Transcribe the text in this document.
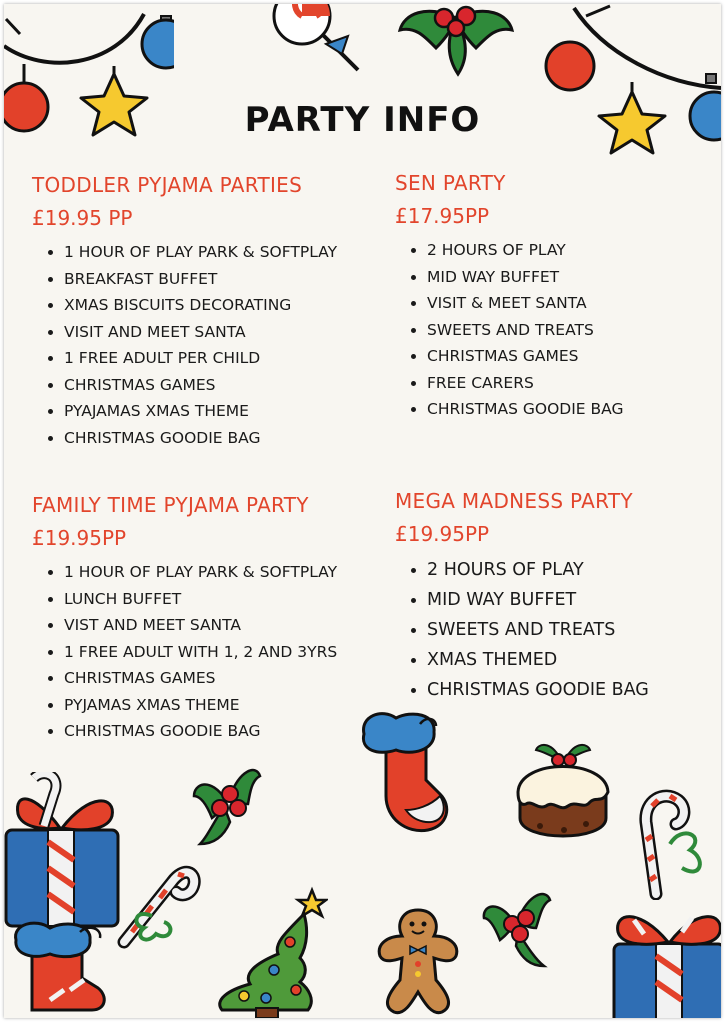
PARTY INFO
TODDLER PYJAMA PARTIES
£19.95 PP
1 HOUR OF PLAY PARK & SOFTPLAY
BREAKFAST BUFFET
XMAS BISCUITS DECORATING
VISIT AND MEET SANTA
1 FREE ADULT PER CHILD
CHRISTMAS GAMES
PYAJAMAS XMAS THEME
CHRISTMAS GOODIE BAG
SEN PARTY
£17.95PP
2 HOURS OF PLAY
MID WAY BUFFET
VISIT & MEET SANTA
SWEETS AND TREATS
CHRISTMAS GAMES
FREE CARERS
CHRISTMAS GOODIE BAG
FAMILY TIME PYJAMA PARTY
£19.95PP
1 HOUR OF PLAY PARK & SOFTPLAY
LUNCH BUFFET
VIST AND MEET SANTA
1 FREE ADULT WITH 1, 2 AND 3YRS
CHRISTMAS GAMES
PYJAMAS XMAS THEME
CHRISTMAS GOODIE BAG
MEGA MADNESS PARTY
£19.95PP
2 HOURS OF PLAY
MID WAY BUFFET
SWEETS AND TREATS
XMAS THEMED
CHRISTMAS GOODIE BAG
